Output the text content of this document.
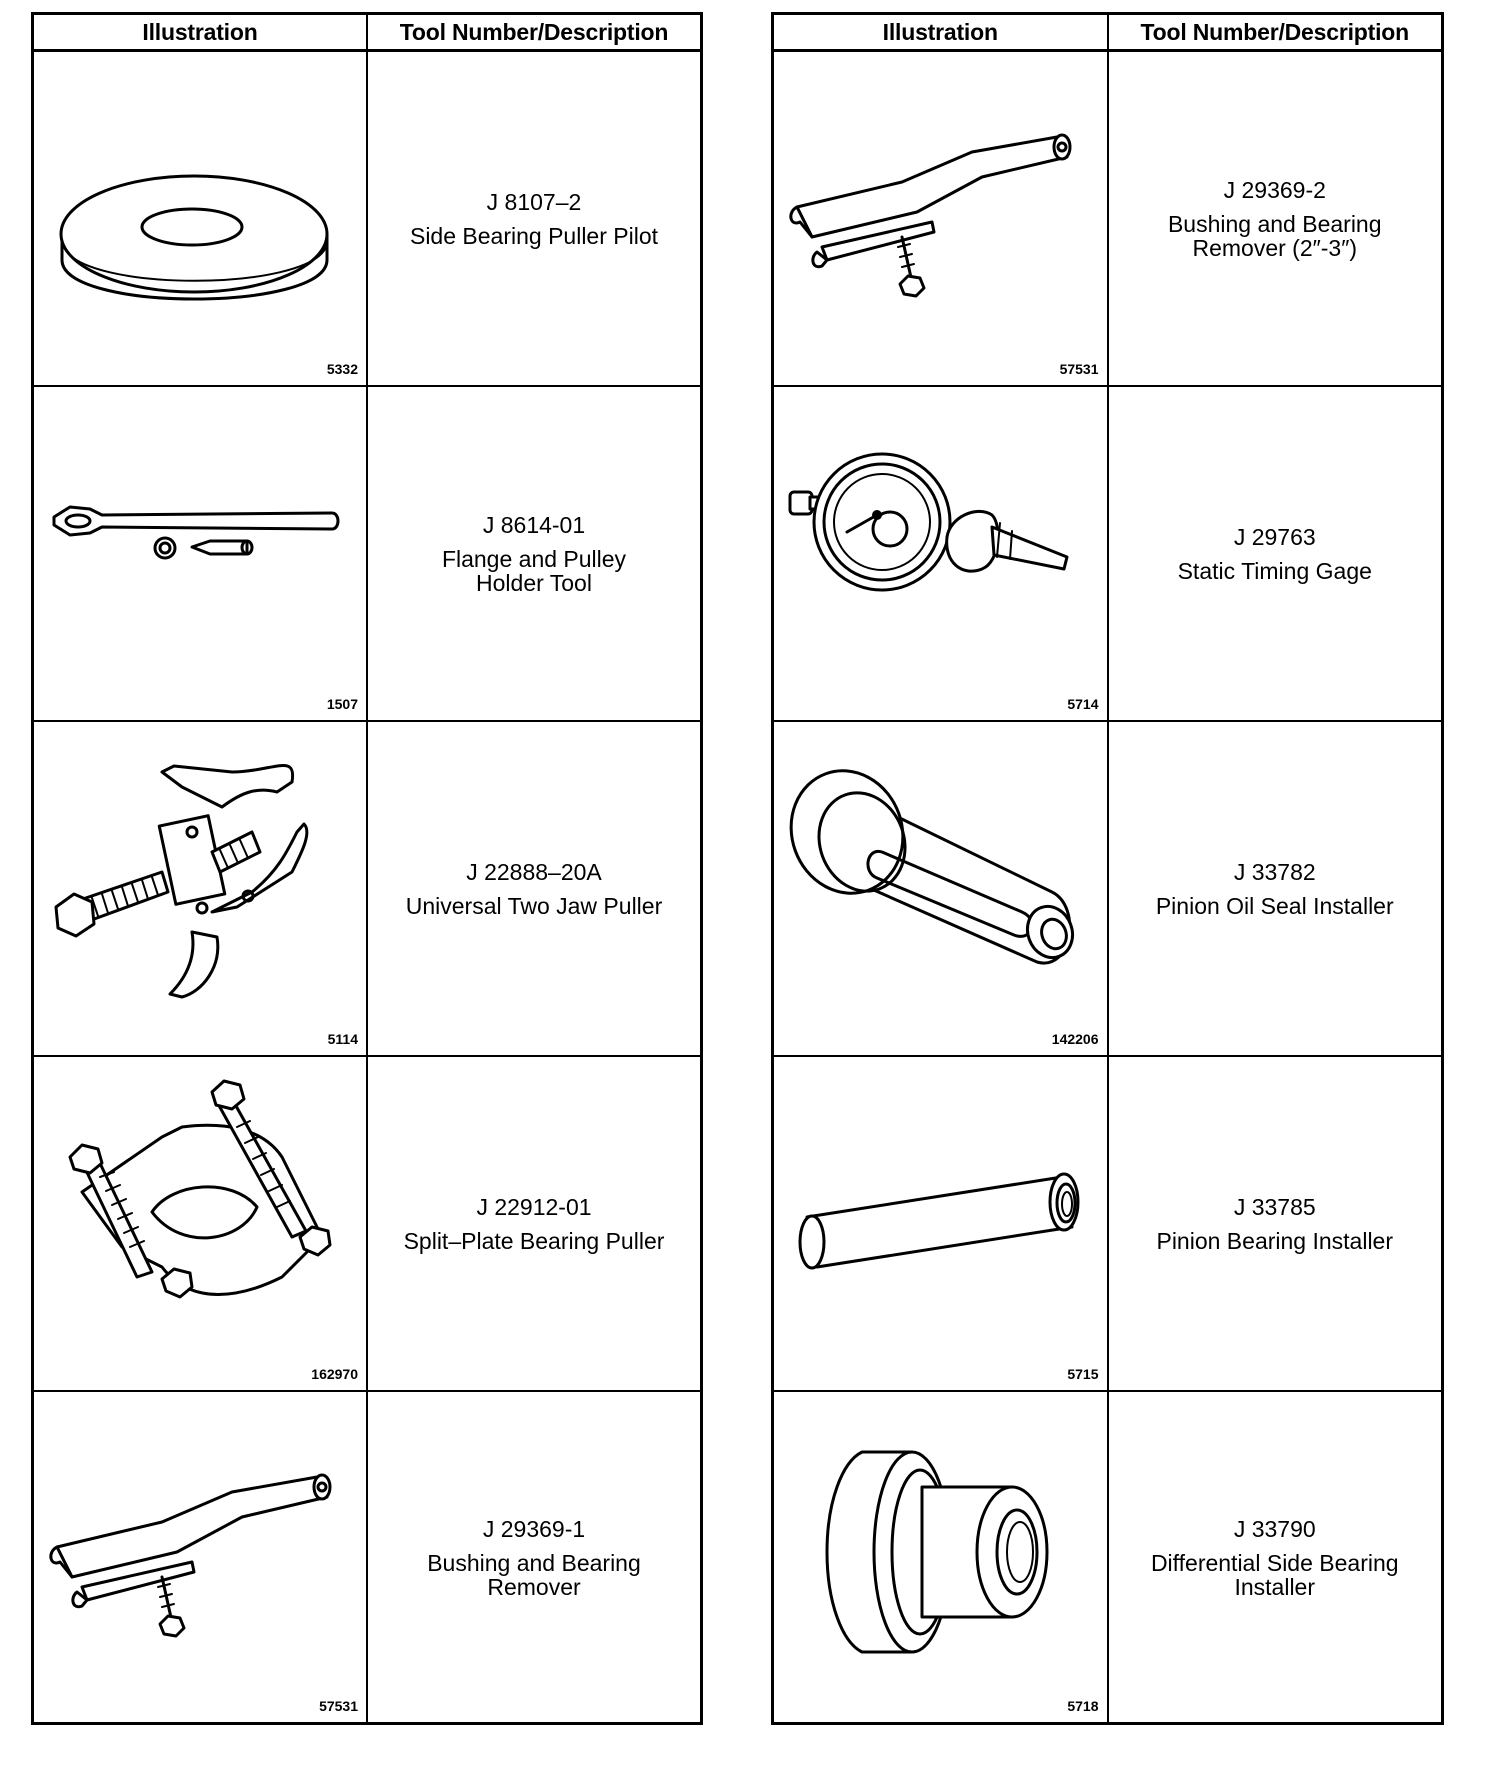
Illustration	Tool Number/Description

5332	J 8107–2
Side Bearing Puller Pilot

1507	J 8614-01
Flange and Pulley
Holder Tool

5114	J 22888–20A
Universal Two Jaw Puller

162970	J 22912-01
Split–Plate Bearing Puller

57531	J 29369-1
Bushing and Bearing
Remover
Illustration	Tool Number/Description

57531	J 29369-2
Bushing and Bearing
Remover (2″-3″)

5714	J 29763
Static Timing Gage

142206	J 33782
Pinion Oil Seal Installer

5715	J 33785
Pinion Bearing Installer

5718	J 33790
Differential Side Bearing
Installer
